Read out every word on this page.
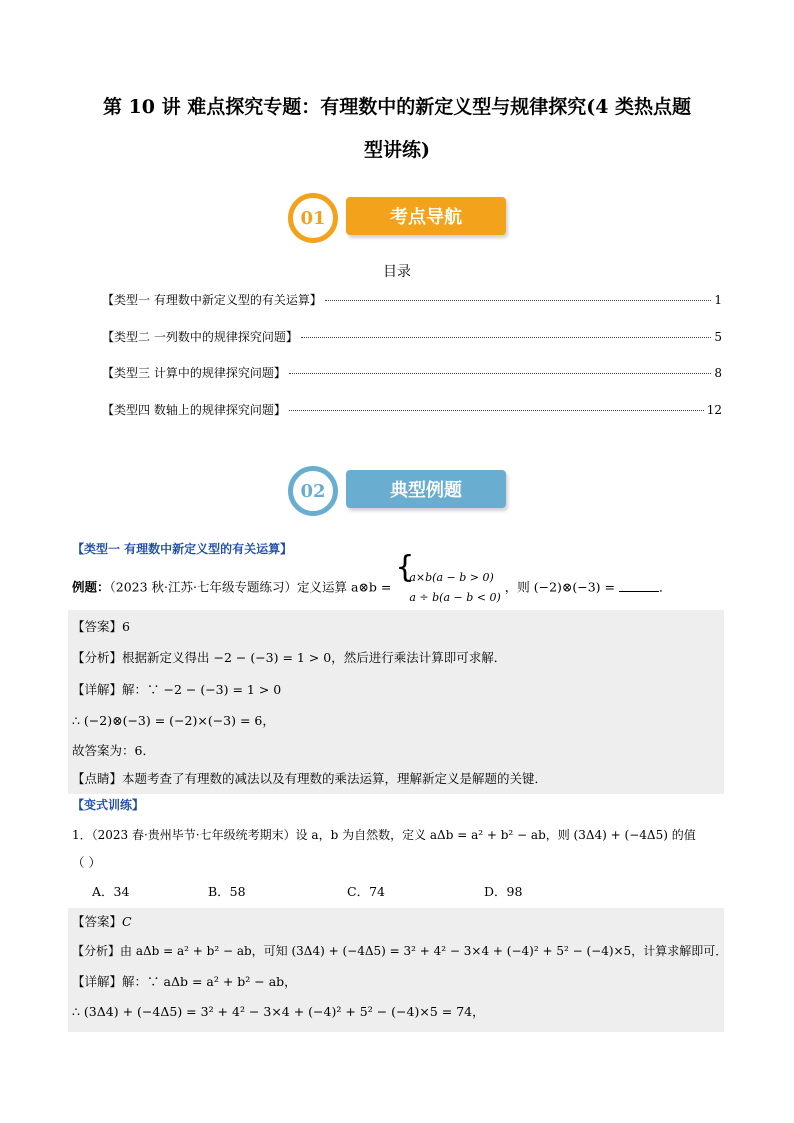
第 10 讲 难点探究专题：有理数中的新定义型与规律探究(4 类热点题
型讲练)
01	考点导航
目录
【类型一 有理数中新定义型的有关运算】	1
【类型二 一列数中的规律探究问题】	5
【类型三 计算中的规律探究问题】	8
【类型四 数轴上的规律探究问题】	12
02	典型例题
【类型一 有理数中新定义型的有关运算】
例题：（2023 秋·江苏·七年级专题练习）定义运算 a⊗b =
{
a×b(a − b > 0)
a ÷ b(a − b < 0)
，则 (−2)⊗(−3) =	．
【答案】6
【分析】根据新定义得出 −2 − (−3) = 1 > 0，然后进行乘法计算即可求解．
【详解】解：∵ −2 − (−3) = 1 > 0
∴ (−2)⊗(−3) = (−2)×(−3) = 6，
故答案为：6．
【点睛】本题考查了有理数的减法以及有理数的乘法运算，理解新定义是解题的关键．
【变式训练】
1．（2023 春·贵州毕节·七年级统考期末）设 a，b 为自然数，定义 aΔb = a² + b² − ab，则 (3Δ4) + (−4Δ5) 的值
（ ）
A．34	B．58	C．74	D．98
【答案】C
【分析】由 aΔb = a² + b² − ab，可知 (3Δ4) + (−4Δ5) = 3² + 4² − 3×4 + (−4)² + 5² − (−4)×5，计算求解即可．
【详解】解：∵ aΔb = a² + b² − ab，
∴ (3Δ4) + (−4Δ5) = 3² + 4² − 3×4 + (−4)² + 5² − (−4)×5 = 74，
